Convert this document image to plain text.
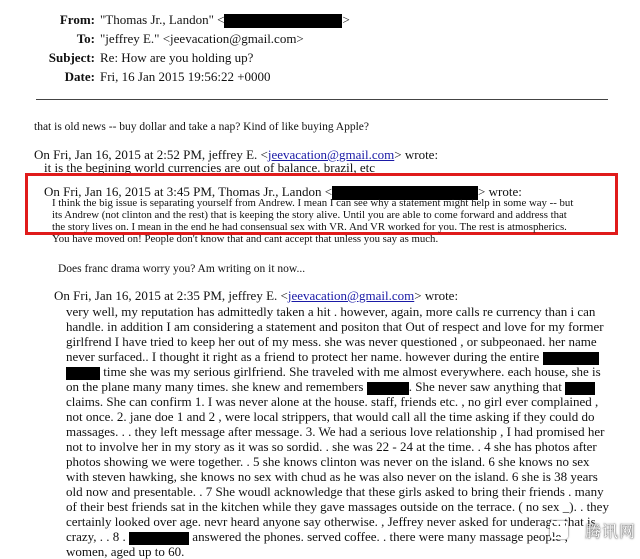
From: "Thomas Jr., Landon" <	>
To: "jeffrey E." <jeevacation@gmail.com>
Subject: Re: How are you holding up?
Date: Fri, 16 Jan 2015 19:56:22 +0000
that is old news -- buy dollar and take a nap? Kind of like buying Apple?
On Fri, Jan 16, 2015 at 2:52 PM, jeffrey E. <jeevacation@gmail.com> wrote:
it is the begining world currencies are out of balance. brazil, etc
On Fri, Jan 16, 2015 at 3:45 PM, Thomas Jr., Landon <	> wrote:
I think the big issue is separating yourself from Andrew. I mean I can see why a statement might help in some way -- but
its Andrew (not clinton and the rest) that is keeping the story alive. Until you are able to come forward and address that
the story lives on. I mean in the end he had consensual sex with VR. And VR worked for you. The rest is atmospherics.
You have moved on! People don't know that and cant accept that unless you say as much.
Does franc drama worry you? Am writing on it now...
On Fri, Jan 16, 2015 at 2:35 PM, jeffrey E. <jeevacation@gmail.com> wrote:
very well, my reputation has admittedly taken a hit . however, again, more calls re currency than i can
handle. in addition I am considering a statement and positon that Out of respect and love for my former
girlfrend I have tried to keep her out of my mess. she was never questioned , or subpeonaed. her name
never surfaced.. I thought it right as a friend to protect her name. however during the entire
time she was my serious girlfriend. She traveled with me almost everywhere. each house, she is
on the plane many many times. she knew and remembers	. She never saw anything that
claims. She can confirm 1. I was never alone at the house. staff, friends etc. , no girl ever complained ,
not once. 2. jane doe 1 and 2 , were local strippers, that would call all the time asking if they could do
massages. . . they left message after message. 3. We had a serious love relationship , I had promised her
not to involve her in my story as it was so sordid. . she was 22 - 24 at the time. . 4 she has photos after
photos showing we were together. . 5 she knows clinton was never on the island. 6 she knows no sex
with steven hawking, she knows no sex with chud as he was also never on the island. 6 she is 38 years
old now and presentable. . 7 She woudl acknowledge that these girls asked to bring their friends . many
of their best friends sat in the kitchen while they gave massages outside on the terrace. ( no sex _). . they
certainly looked over age. nevr heard anyone say otherwise. , Jeffrey never asked for underage. that is
crazy, . . 8 .	answered the phones. served coffee. . there were many massage people ,
women, aged up to 60.
腾讯网
